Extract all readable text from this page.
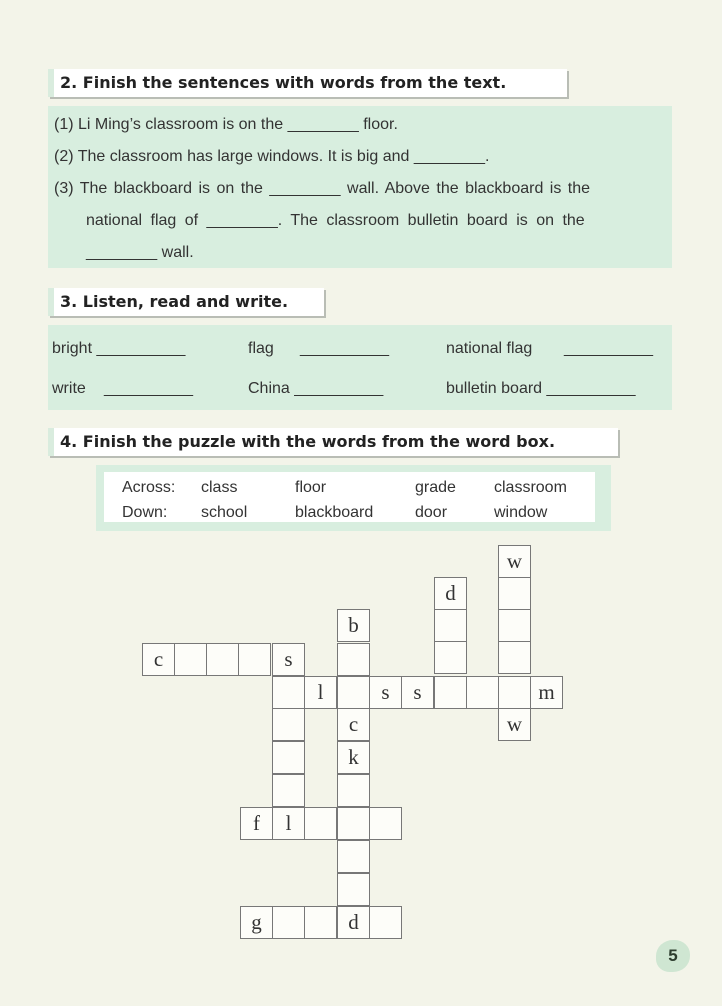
2. Finish the sentences with words from the text.
(1) Li Ming’s classroom is on the ________ floor.
(2) The classroom has large windows. It is big and ________.
(3) The blackboard is on the ________ wall. Above the blackboard is the
national flag of ________. The classroom bulletin board is on the
________ wall.
3. Listen, read and write.
bright __________	flag __________	national flag __________
write __________	China __________	bulletin board __________
4. Finish the puzzle with the words from the word box.
Across: class	floor	grade classroom
Down: school	blackboard	door	window
w
w
d
b
c
k
c	s
l	s	s	m
f	l
g	d
5
